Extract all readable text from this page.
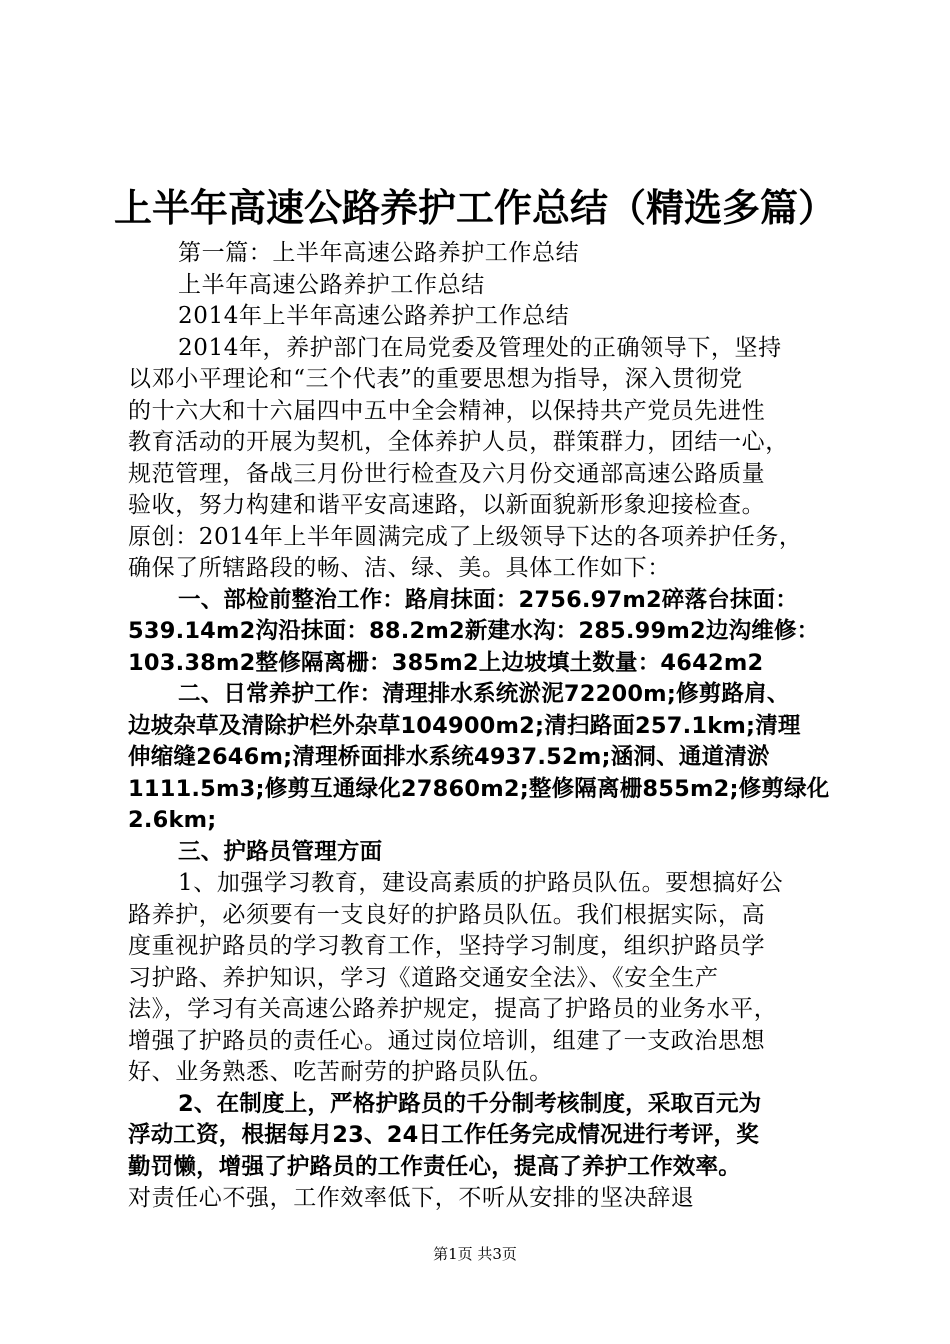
上半年高速公路养护工作总结（精选多篇）
第一篇：上半年高速公路养护工作总结
上半年高速公路养护工作总结
2014年上半年高速公路养护工作总结
2014年，养护部门在局党委及管理处的正确领导下，坚持
以邓小平理论和“三个代表”的重要思想为指导，深入贯彻党
的十六大和十六届四中五中全会精神，以保持共产党员先进性
教育活动的开展为契机，全体养护人员，群策群力，团结一心，
规范管理，备战三月份世行检查及六月份交通部高速公路质量
验收，努力构建和谐平安高速路，以新面貌新形象迎接检查。
原创：2014年上半年圆满完成了上级领导下达的各项养护任务，
确保了所辖路段的畅、洁、绿、美。具体工作如下：
一、部检前整治工作：路肩抹面：2756.97m2碎落台抹面：
539.14m2沟沿抹面：88.2m2新建水沟：285.99m2边沟维修：
103.38m2整修隔离栅：385m2上边坡填土数量：4642m2
二、日常养护工作：清理排水系统淤泥72200m;修剪路肩、
边坡杂草及清除护栏外杂草104900m2;清扫路面257.1km;清理
伸缩缝2646m;清理桥面排水系统4937.52m;涵洞、通道清淤
1111.5m3;修剪互通绿化27860m2;整修隔离栅855m2;修剪绿化
2.6km;
三、护路员管理方面
1、加强学习教育，建设高素质的护路员队伍。要想搞好公
路养护，必须要有一支良好的护路员队伍。我们根据实际，高
度重视护路员的学习教育工作，坚持学习制度，组织护路员学
习护路、养护知识，学习《道路交通安全法》、《安全生产
法》，学习有关高速公路养护规定，提高了护路员的业务水平，
增强了护路员的责任心。通过岗位培训，组建了一支政治思想
好、业务熟悉、吃苦耐劳的护路员队伍。
2、在制度上，严格护路员的千分制考核制度，采取百元为
浮动工资，根据每月23、24日工作任务完成情况进行考评，奖
勤罚懒，增强了护路员的工作责任心，提高了养护工作效率。
对责任心不强，工作效率低下，不听从安排的坚决辞退
第1页 共3页
